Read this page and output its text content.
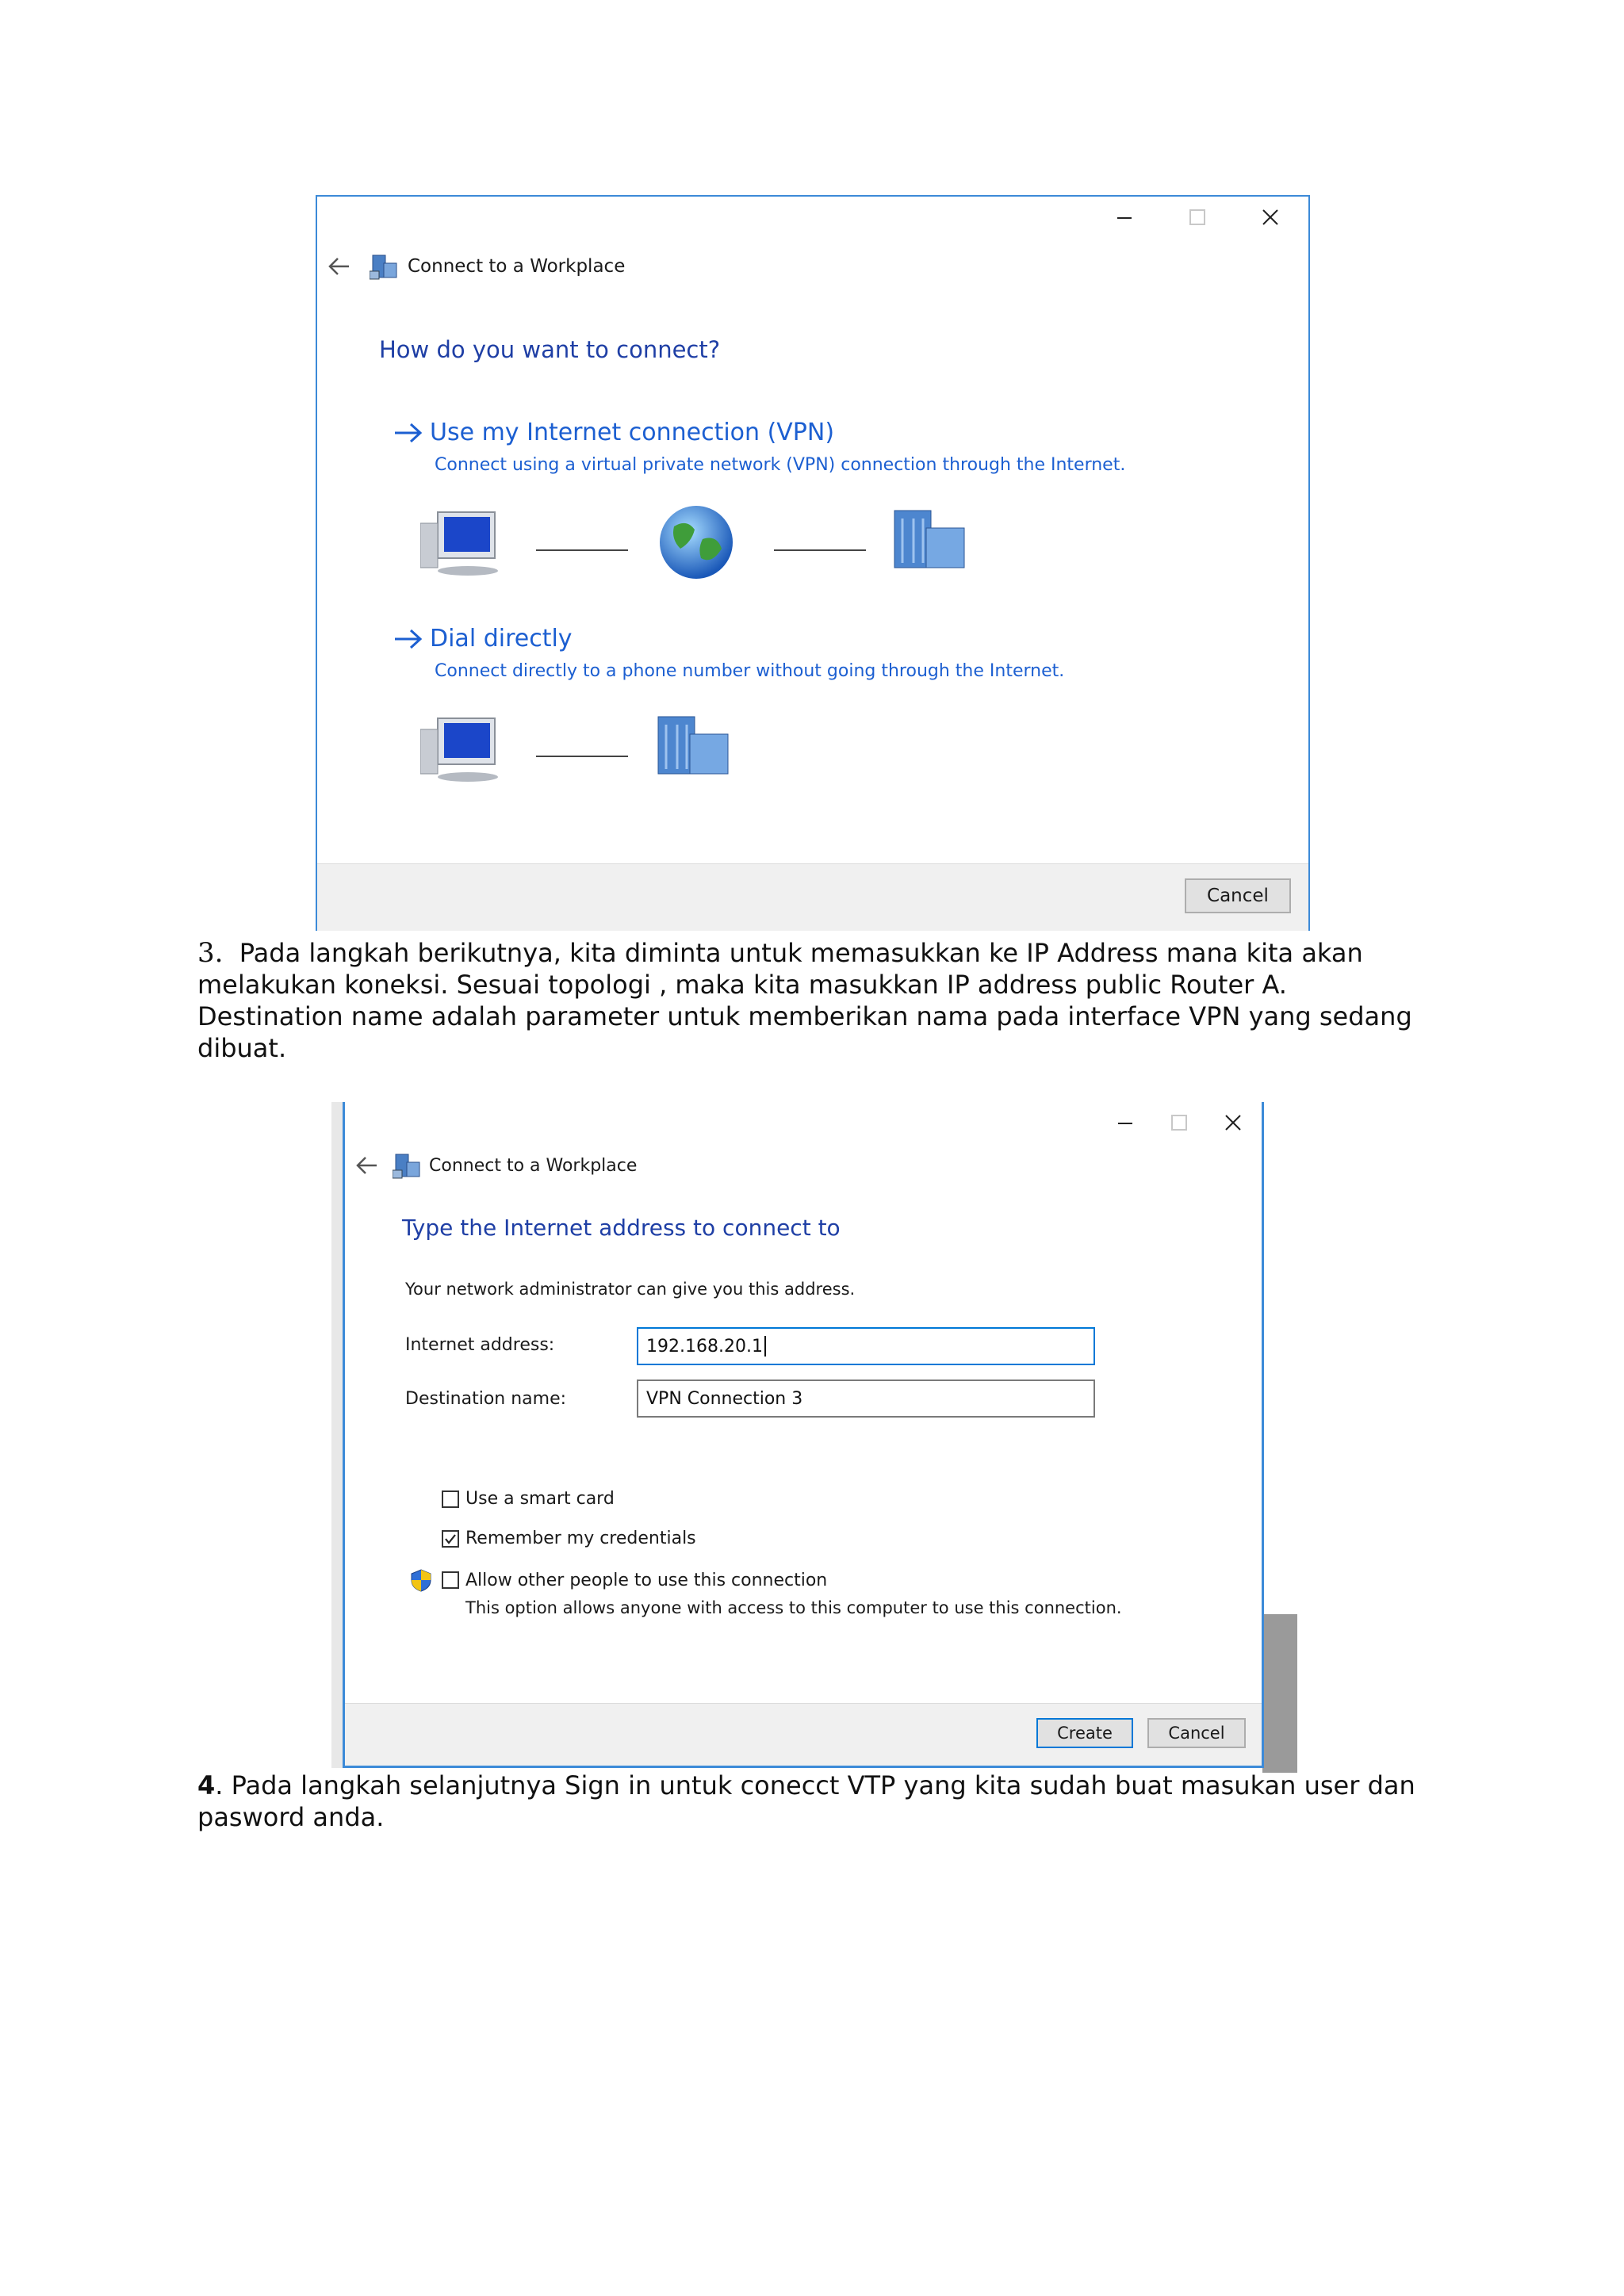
Connect to a Workplace
How do you want to connect?
Use my Internet connection (VPN)
Connect using a virtual private network (VPN) connection through the Internet.
Dial directly
Connect directly to a phone number without going through the Internet.
Cancel
3. Pada langkah berikutnya, kita diminta untuk memasukkan ke IP Address mana kita akan melakukan koneksi. Sesuai topologi , maka kita masukkan IP address public Router A. Destination name adalah parameter untuk memberikan nama pada interface VPN yang sedang dibuat.
Connect to a Workplace
Type the Internet address to connect to
Your network administrator can give you this address.
Internet address:	192.168.20.1
Destination name:	VPN Connection 3
Use a smart card
Remember my credentials
Allow other people to use this connection
This option allows anyone with access to this computer to use this connection.
Create	Cancel
4. Pada langkah selanjutnya Sign in untuk conecct VTP yang kita sudah buat masukan user dan pasword anda.
